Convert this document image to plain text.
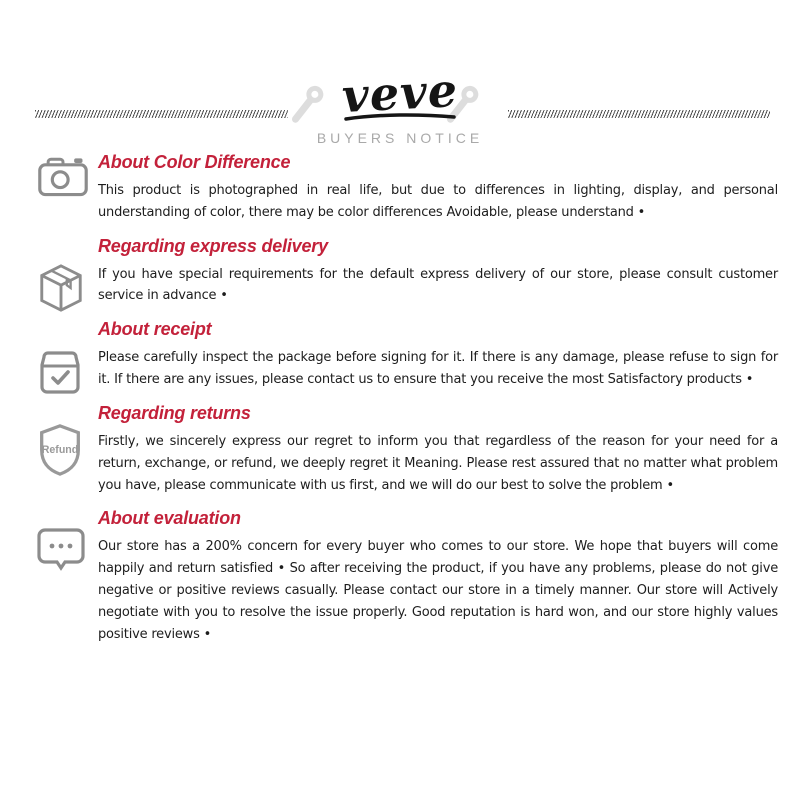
veve
BUYERS NOTICE
About Color Difference

This product is photographed in real life, but due to differences in lighting, display, and personal understanding of color, there may be color differences Avoidable, please understand •

Regarding express delivery

If you have special requirements for the default express delivery of our store, please consult customer service in advance •

About receipt

Please carefully inspect the package before signing for it. If there is any damage, please refuse to sign for it. If there are any issues, please contact us to ensure that you receive the most Satisfactory products •

Refund
Regarding returns

Firstly, we sincerely express our regret to inform you that regardless of the reason for your need for a return, exchange, or refund, we deeply regret it Meaning. Please rest assured that no matter what problem you have, please communicate with us first, and we will do our best to solve the problem •

About evaluation

Our store has a 200% concern for every buyer who comes to our store. We hope that buyers will come happily and return satisfied • So after receiving the product, if you have any problems, please do not give negative or positive reviews casually. Please contact our store in a timely manner. Our store will Actively negotiate with you to resolve the issue properly. Good reputation is hard won, and our store highly values positive reviews •
